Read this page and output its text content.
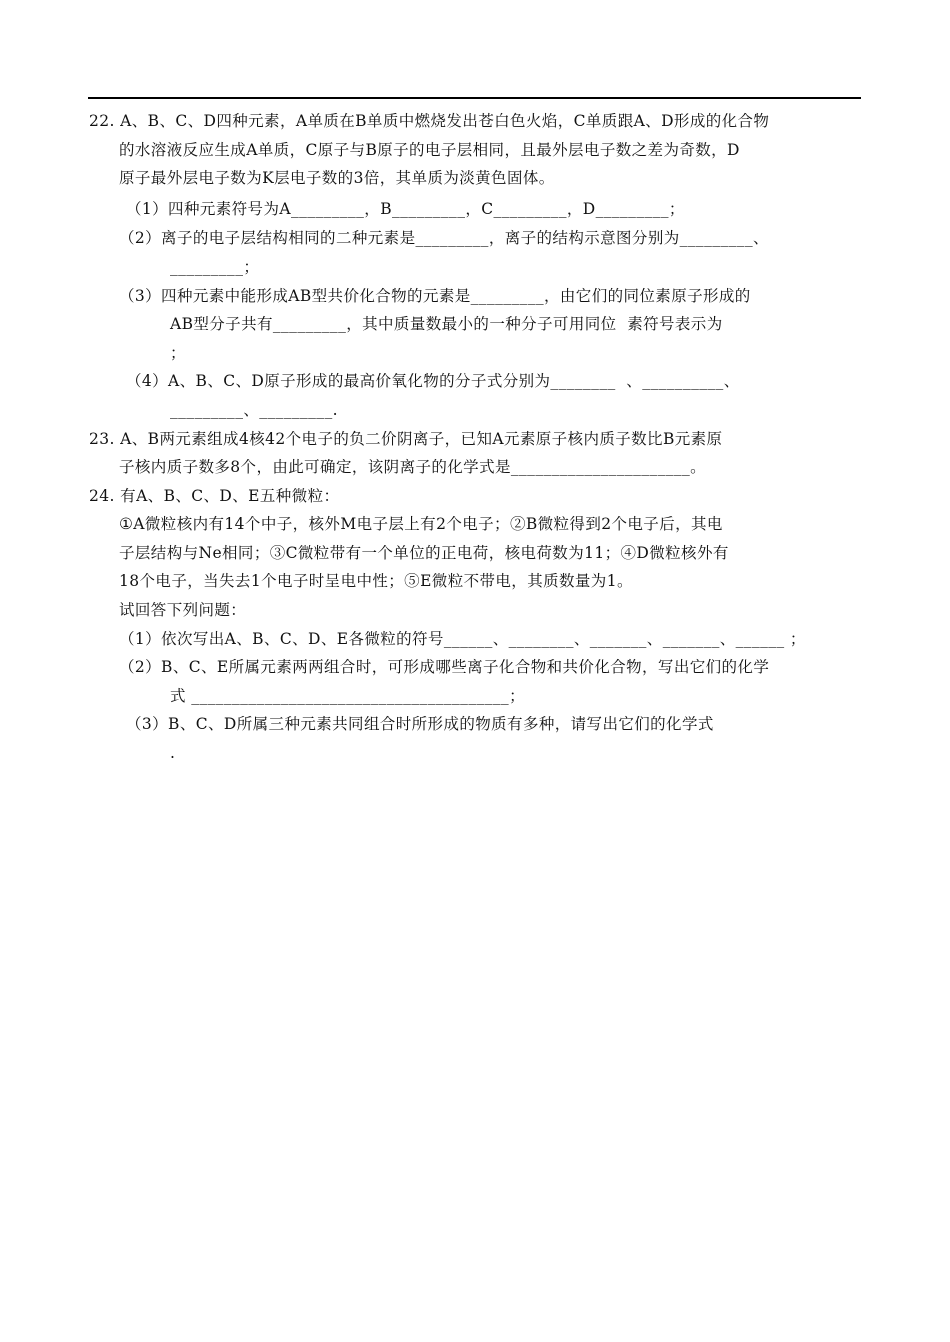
22. A、B、C、D四种元素，A单质在B单质中燃烧发出苍白色火焰，C单质跟A、D形成的化合物
的水溶液反应生成A单质，C原子与B原子的电子层相同，且最外层电子数之差为奇数，D
原子最外层电子数为K层电子数的3倍，其单质为淡黄色固体。
（1）四种元素符号为A_________，B_________，C_________，D_________；
（2）离子的电子层结构相同的二种元素是_________，离子的结构示意图分别为_________、
_________；
（3）四种元素中能形成AB型共价化合物的元素是_________，由它们的同位素原子形成的
AB型分子共有_________，其中质量数最小的一种分子可用同位  素符号表示为
；
（4）A、B、C、D原子形成的最高价氧化物的分子式分别为________  、__________、
_________、_________.
23. A、B两元素组成4核42个电子的负二价阴离子，已知A元素原子核内质子数比B元素原
子核内质子数多8个，由此可确定，该阴离子的化学式是______________________。
24. 有A、B、C、D、E五种微粒：
①A微粒核内有14个中子，核外M电子层上有2个电子；②B微粒得到2个电子后，其电
子层结构与Ne相同；③C微粒带有一个单位的正电荷，核电荷数为11；④D微粒核外有
18个电子，当失去1个电子时呈电中性；⑤E微粒不带电，其质数量为1。
试回答下列问题：
（1）依次写出A、B、C、D、E各微粒的符号______、________、_______、_______、______ ；
（2）B、C、E所属元素两两组合时，可形成哪些离子化合物和共价化合物，写出它们的化学
式 _______________________________________；
（3）B、C、D所属三种元素共同组合时所形成的物质有多种，请写出它们的化学式
.
